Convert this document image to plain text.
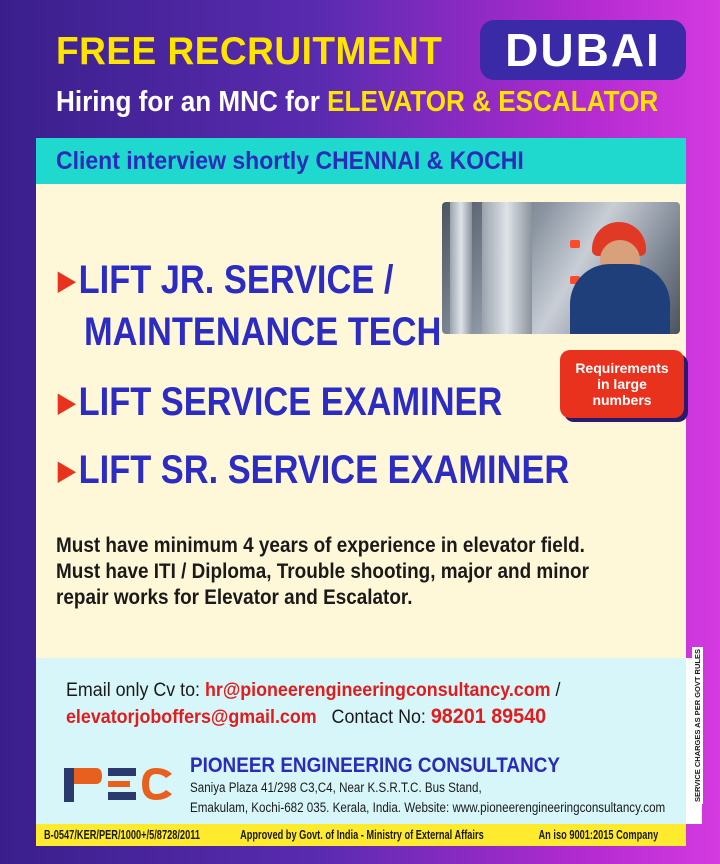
FREE RECRUITMENT DUBAI
Hiring for an MNC for ELEVATOR & ESCALATOR
Client interview shortly CHENNAI & KOCHI
▶LIFT JR. SERVICE /
MAINTENANCE TECH
▶LIFT SERVICE EXAMINER
▶LIFT SR. SERVICE EXAMINER
Requirements
in large
numbers
Must have minimum 4 years of experience in elevator field.
Must have ITI / Diploma, Trouble shooting, major and minor
repair works for Elevator and Escalator.
Email only Cv to: hr@pioneerengineeringconsultancy.com /
elevatorjoboffers@gmail.com Contact No: 98201 89540
PIONEER ENGINEERING CONSULTANCY
Saniya Plaza 41/298 C3,C4, Near K.S.R.T.C. Bus Stand,
Emakulam, Kochi-682 035. Kerala, India. Website: www.pioneerengineeringconsultancy.com
B-0547/KER/PER/1000+/5/8728/2011	Approved by Govt. of India - Ministry of External Affairs	An iso 9001:2015 Company
SERVICE CHARGES AS PER GOVT RULES
